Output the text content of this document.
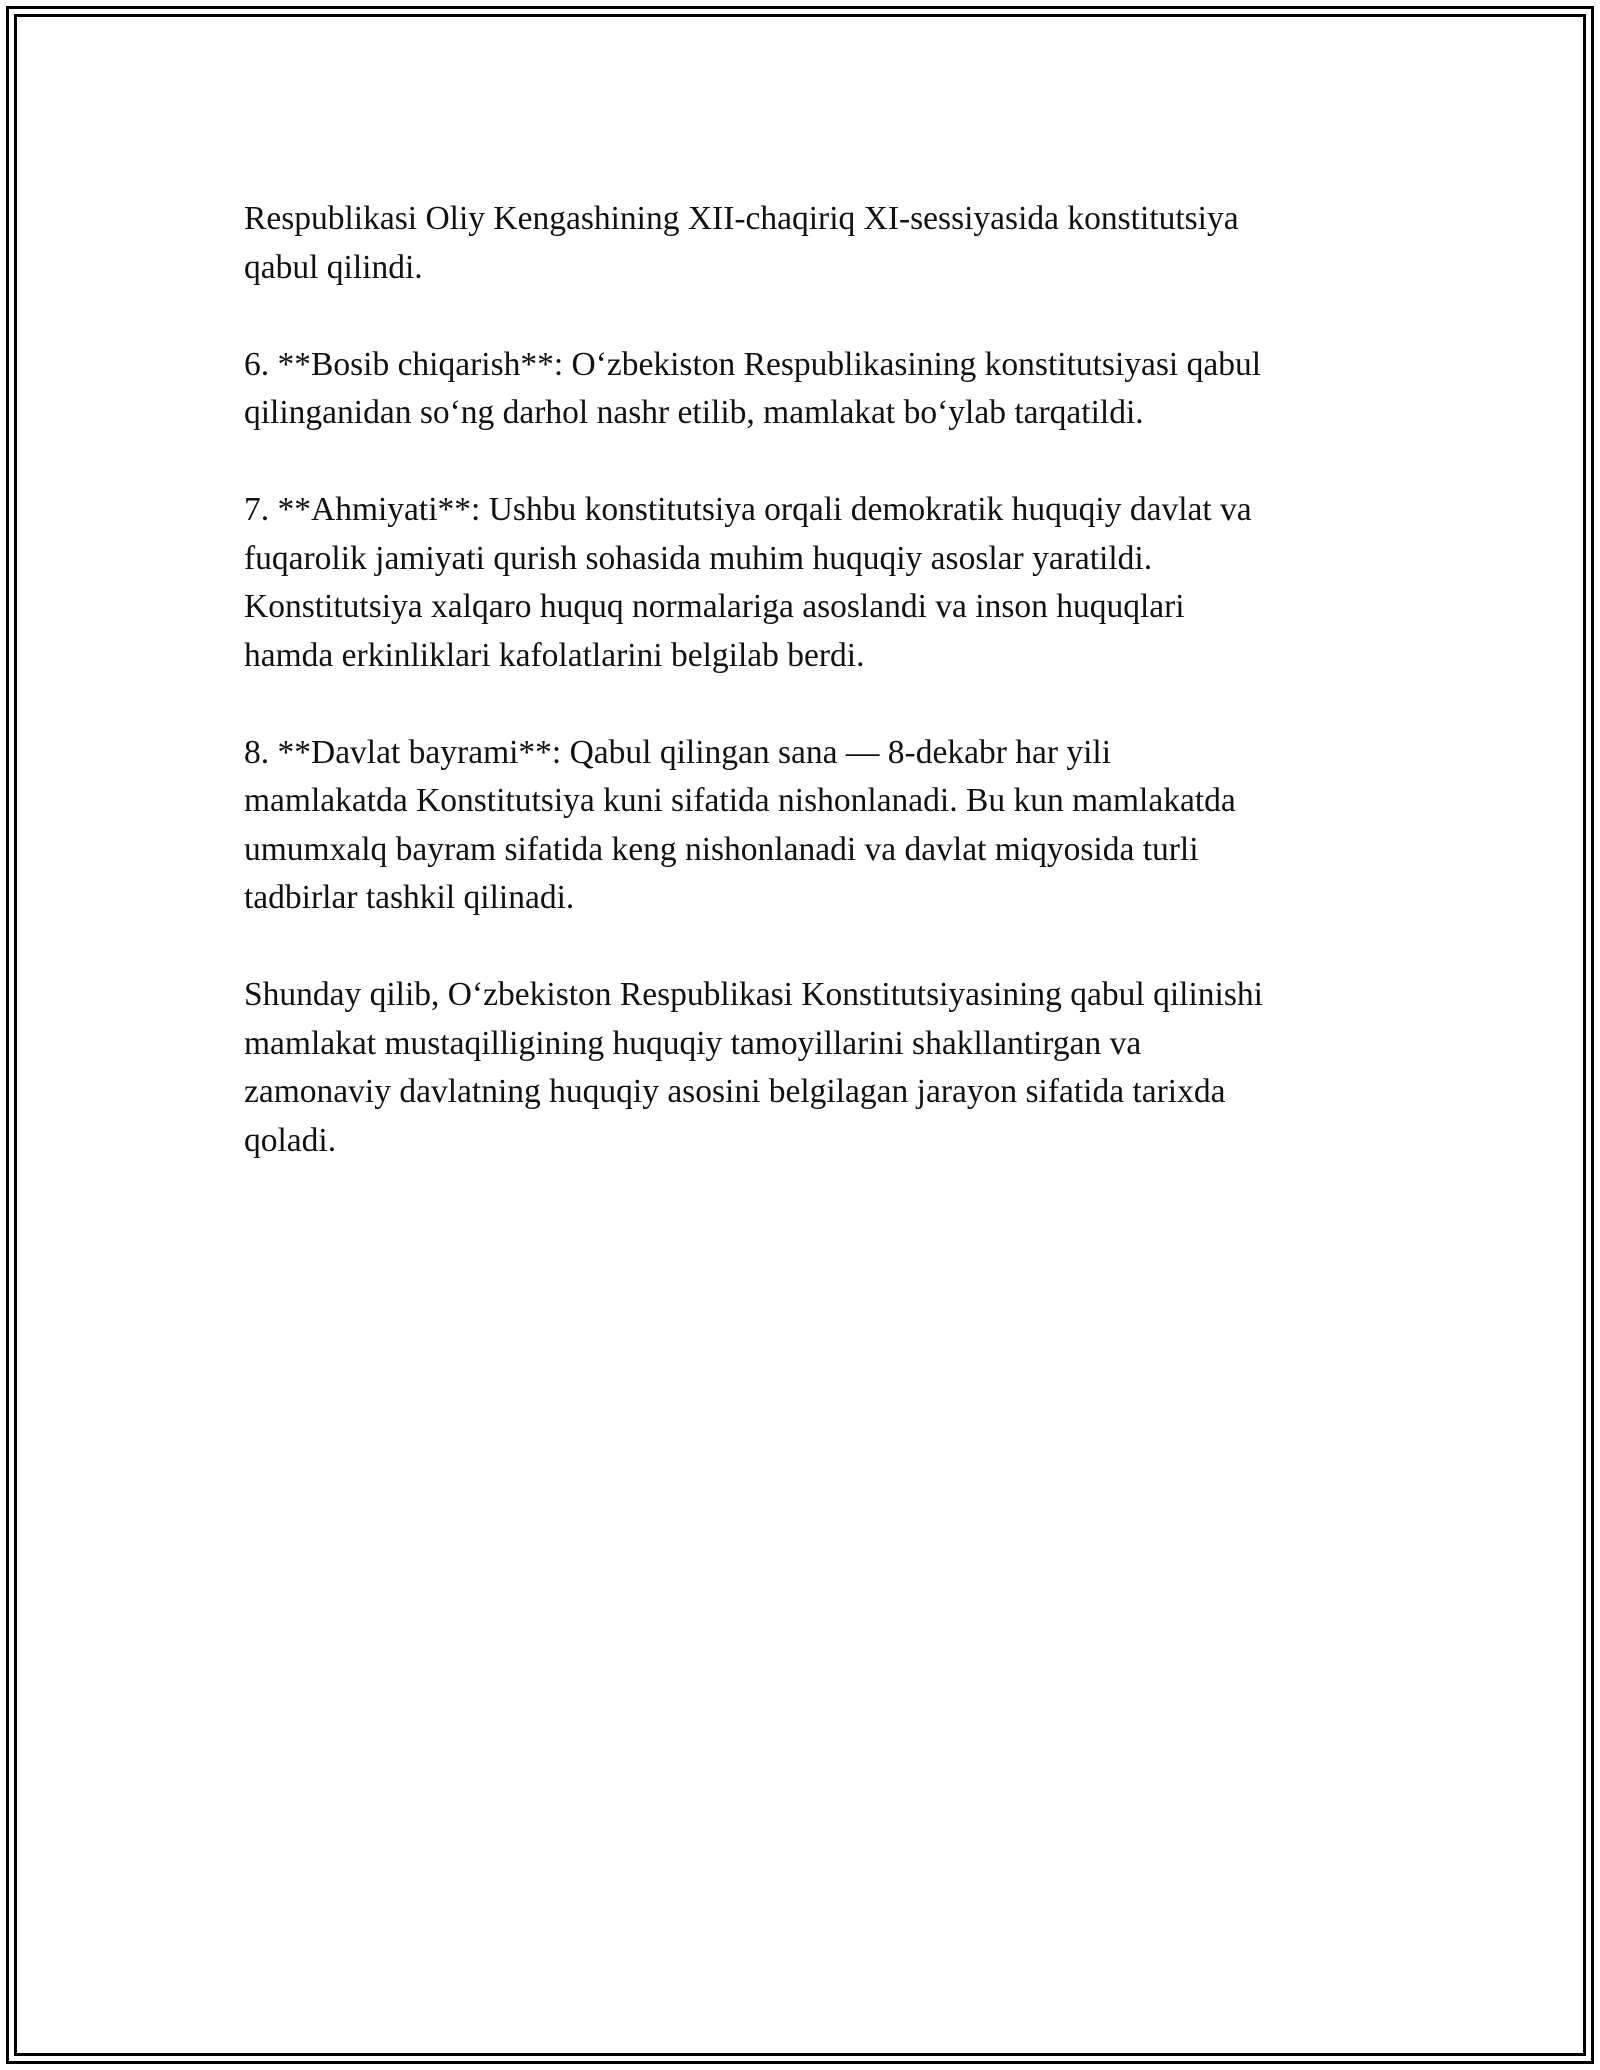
Respublikasi Oliy Kengashining XII-chaqiriq XI-sessiyasida konstitutsiya
qabul qilindi.

6. **Bosib chiqarish**: O‘zbekiston Respublikasining konstitutsiyasi qabul
qilinganidan so‘ng darhol nashr etilib, mamlakat bo‘ylab tarqatildi.

7. **Ahmiyati**: Ushbu konstitutsiya orqali demokratik huquqiy davlat va
fuqarolik jamiyati qurish sohasida muhim huquqiy asoslar yaratildi.
Konstitutsiya xalqaro huquq normalariga asoslandi va inson huquqlari
hamda erkinliklari kafolatlarini belgilab berdi.

8. **Davlat bayrami**: Qabul qilingan sana — 8-dekabr har yili
mamlakatda Konstitutsiya kuni sifatida nishonlanadi. Bu kun mamlakatda
umumxalq bayram sifatida keng nishonlanadi va davlat miqyosida turli
tadbirlar tashkil qilinadi.

Shunday qilib, O‘zbekiston Respublikasi Konstitutsiyasining qabul qilinishi
mamlakat mustaqilligining huquqiy tamoyillarini shakllantirgan va
zamonaviy davlatning huquqiy asosini belgilagan jarayon sifatida tarixda
qoladi.
